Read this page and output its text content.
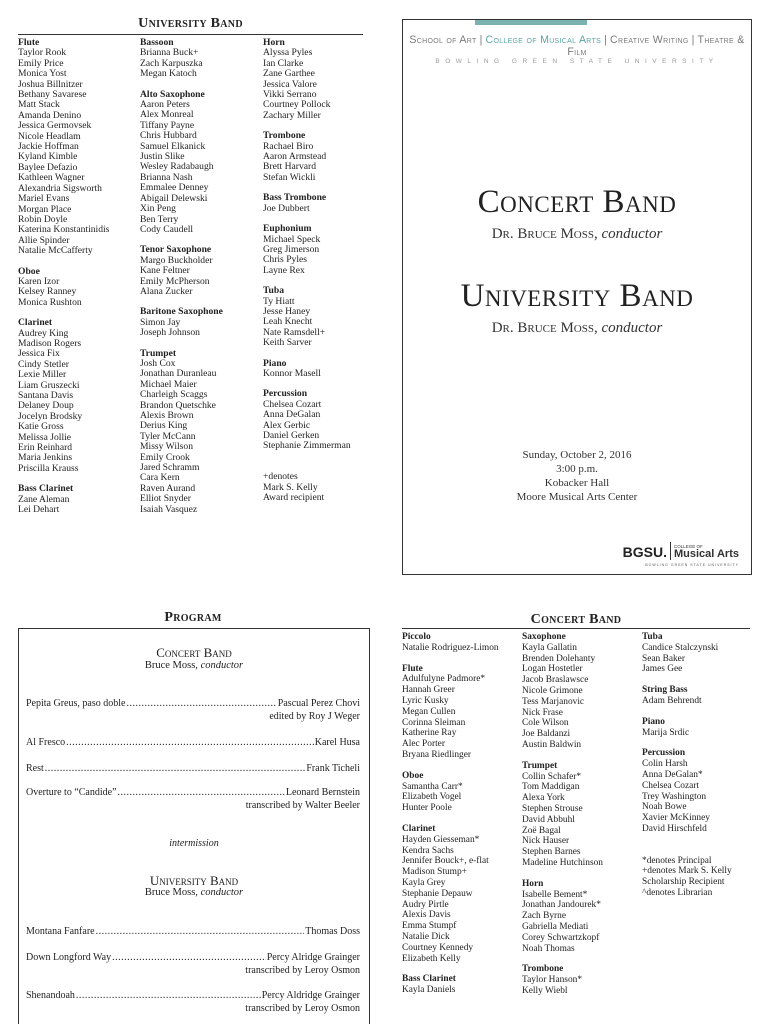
University Band
Flute
Taylor Rook
Emily Price
Monica Yost
Joshua Billnitzer
Bethany Savarese
Matt Stack
Amanda Denino
Jessica Germovsek
Nicole Headlam
Jackie Hoffman
Kyland Kimble
Baylee Defazio
Kathleen Wagner
Alexandria Sigsworth
Mariel Evans
Morgan Place
Robin Doyle
Katerina Konstantinidis
Allie Spinder
Natalie McCafferty
Oboe
Karen Izor
Kelsey Ranney
Monica Rushton
Clarinet
Audrey King
Madison Rogers
Jessica Fix
Cindy Stetler
Lexie Miller
Liam Gruszecki
Santana Davis
Delaney Doup
Jocelyn Brodsky
Katie Gross
Melissa Jollie
Erin Reinhard
Maria Jenkins
Priscilla Krauss
Bass Clarinet
Zane Aleman
Lei Dehart
Bassoon
Brianna Buck+
Zach Karpuszka
Megan Katoch
Alto Saxophone
Aaron Peters
Alex Monreal
Tiffany Payne
Chris Hubbard
Samuel Elkanick
Justin Slike
Wesley Radabaugh
Brianna Nash
Emmalee Denney
Abigail Delewski
Xin Peng
Ben Terry
Cody Caudell
Tenor Saxophone
Margo Buckholder
Kane Feltner
Emily McPherson
Alana Zucker
Baritone Saxophone
Simon Jay
Joseph Johnson
Trumpet
Josh Cox
Jonathan Duranleau
Michael Maier
Charleigh Scaggs
Brandon Quetschke
Alexis Brown
Derius King
Tyler McCann
Missy Wilson
Emily Crook
Jared Schramm
Cara Kern
Raven Aurand
Elliot Snyder
Isaiah Vasquez
Horn
Alyssa Pyles
Ian Clarke
Zane Garthee
Jessica Valore
Vikki Serrano
Courtney Pollock
Zachary Miller
Trombone
Rachael Biro
Aaron Armstead
Brett Harvard
Stefan Wickli
Bass Trombone
Joe Dubbert
Euphonium
Michael Speck
Greg Jimerson
Chris Pyles
Layne Rex
Tuba
Ty Hiatt
Jesse Haney
Leah Knecht
Nate Ramsdell+
Keith Sarver
Piano
Konnor Masell
Percussion
Chelsea Cozart
Anna DeGalan
Alex Gerbic
Daniel Gerken
Stephanie Zimmerman

+denotes
Mark S. Kelly
Award recipient
School of Art | College of Musical Arts | Creative Writing | Theatre & Film
BOWLING GREEN STATE UNIVERSITY
Concert Band
Dr. Bruce Moss, conductor
University Band
Dr. Bruce Moss, conductor
Sunday, October 2, 2016
3:00 p.m.
Kobacker Hall
Moore Musical Arts Center
BGSU. COLLEGE OF
Musical Arts
BOWLING GREEN STATE UNIVERSITY
Program
Concert Band
Bruce Moss, conductor
Pepita Greus, paso doble .....	Pascual Perez Chovi
edited by Roy J Weger
Al Fresco .....	Karel Husa
Rest .....	Frank Ticheli
Overture to “Candide” .....	Leonard Bernstein
transcribed by Walter Beeler
intermission
University Band
Bruce Moss, conductor
Montana Fanfare .....	Thomas Doss
Down Longford Way .....	Percy Alridge Grainger
transcribed by Leroy Osmon
Shenandoah .....	Percy Aldridge Grainger
transcribed by Leroy Osmon
Concert Band
Piccolo
Natalie Rodriguez-Limon
Flute
Adulfulyne Padmore*
Hannah Greer
Lyric Kusky
Megan Cullen
Corinna Sleiman
Katherine Ray
Alec Porter
Bryana Riedlinger
Oboe
Samantha Carr*
Elizabeth Vogel
Hunter Poole
Clarinet
Hayden Giesseman*
Kendra Sachs
Jennifer Bouck+, e-flat
Madison Stump+
Kayla Grey
Stephanie Depauw
Audry Pirtle
Alexis Davis
Emma Stumpf
Natalie Dick
Courtney Kennedy
Elizabeth Kelly
Bass Clarinet
Kayla Daniels
Saxophone
Kayla Gallatin
Brenden Dolehanty
Logan Hostetler
Jacob Braslawsce
Nicole Grimone
Tess Marjanovic
Nick Frase
Cole Wilson
Joe Baldanzi
Austin Baldwin
Trumpet
Collin Schafer*
Tom Maddigan
Alexa York
Stephen Strouse
David Abbuhl
Zoë Bagal
Nick Hauser
Stephen Barnes
Madeline Hutchinson
Horn
Isabelle Bement*
Jonathan Jandourek*
Zach Byrne
Gabriella Mediati
Corey Schwartzkopf
Noah Thomas
Trombone
Taylor Hanson*
Kelly Wiebl
Tuba
Candice Stalczynski
Sean Baker
James Gee
String Bass
Adam Behrendt
Piano
Marija Srdic
Percussion
Colin Harsh
Anna DeGalan*
Chelsea Cozart
Trey Washington
Noah Bowe
Xavier McKinney
David Hirschfeld

*denotes Principal
+denotes Mark S. Kelly
Scholarship Recipient
^denotes Librarian
